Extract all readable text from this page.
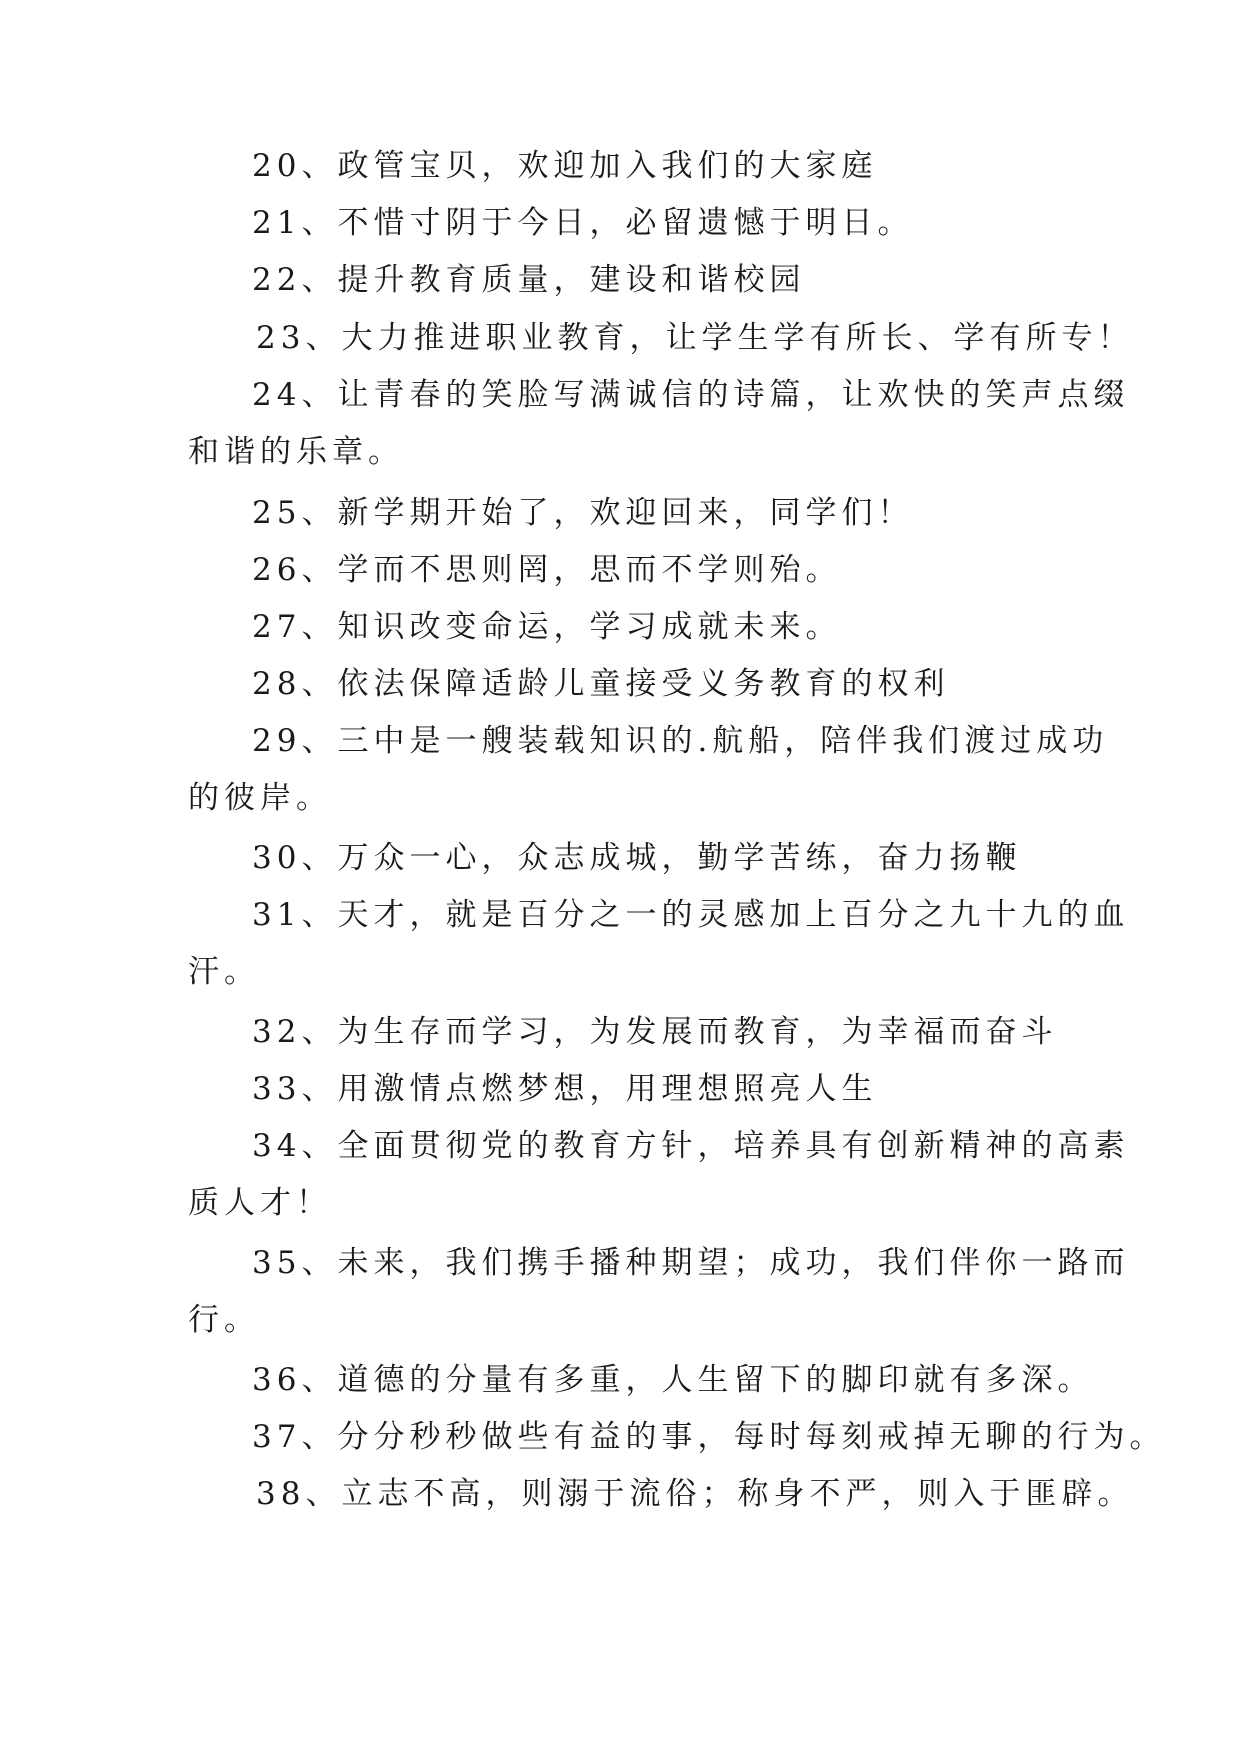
20、政管宝贝，欢迎加入我们的大家庭
21、不惜寸阴于今日，必留遗憾于明日。
22、提升教育质量，建设和谐校园
23、大力推进职业教育，让学生学有所长、学有所专！
24、让青春的笑脸写满诚信的诗篇，让欢快的笑声点缀
和谐的乐章。
25、新学期开始了，欢迎回来，同学们！
26、学而不思则罔，思而不学则殆。
27、知识改变命运，学习成就未来。
28、依法保障适龄儿童接受义务教育的权利
29、三中是一艘装载知识的.航船，陪伴我们渡过成功
的彼岸。
30、万众一心，众志成城，勤学苦练，奋力扬鞭
31、天才，就是百分之一的灵感加上百分之九十九的血
汗。
32、为生存而学习，为发展而教育，为幸福而奋斗
33、用激情点燃梦想，用理想照亮人生
34、全面贯彻党的教育方针，培养具有创新精神的高素
质人才！
35、未来，我们携手播种期望；成功，我们伴你一路而
行。
36、道德的分量有多重，人生留下的脚印就有多深。
37、分分秒秒做些有益的事，每时每刻戒掉无聊的行为。
38、立志不高，则溺于流俗；称身不严，则入于匪辟。
